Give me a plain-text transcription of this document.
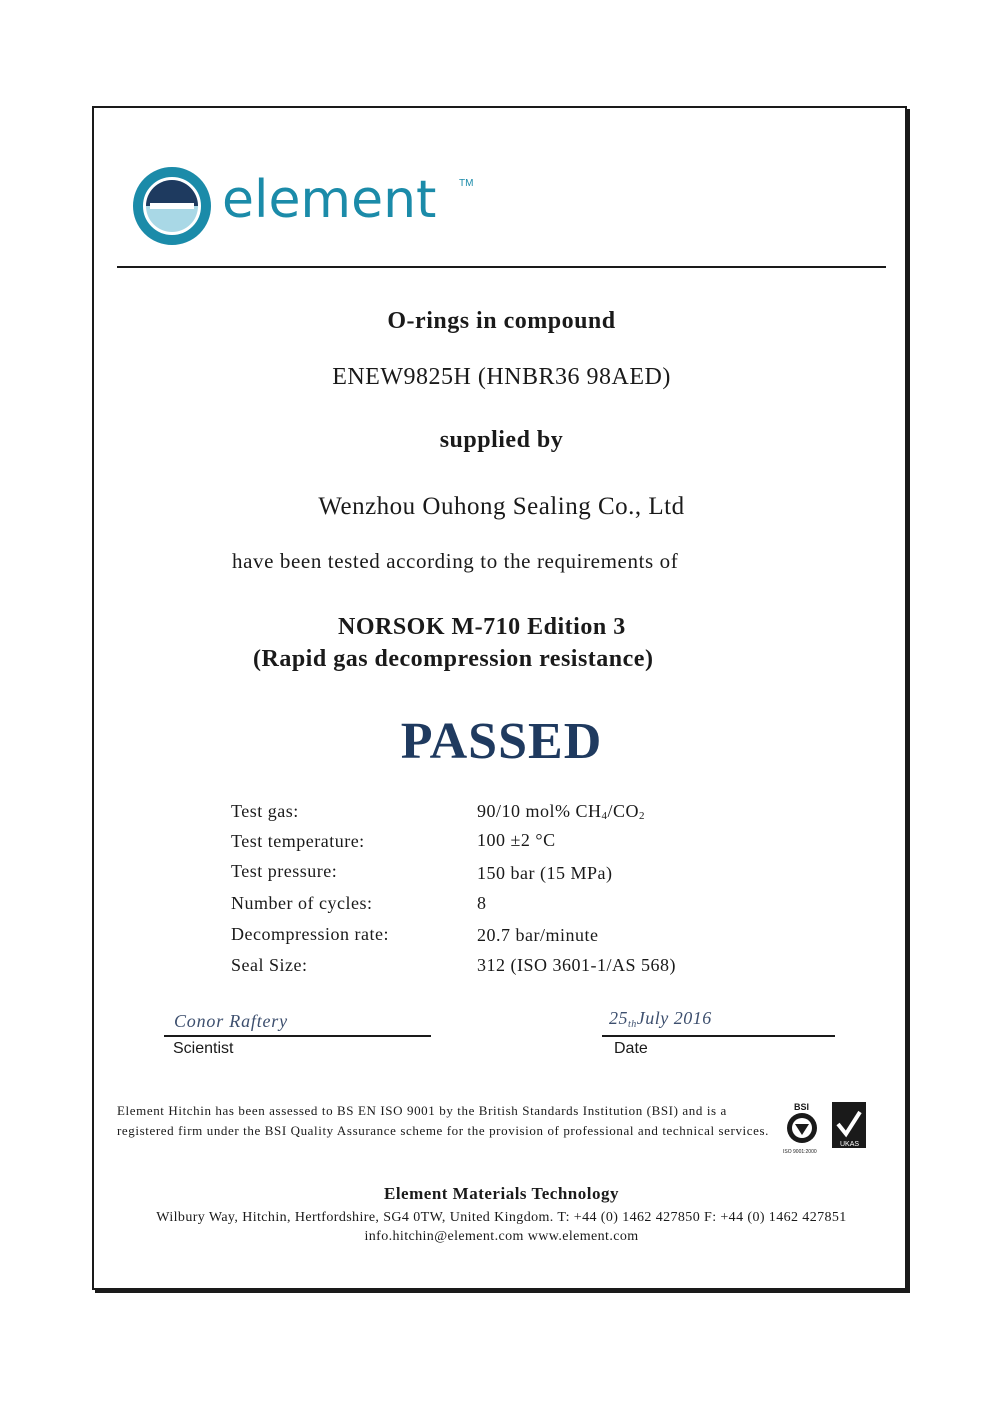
element TM
O-rings in compound
ENEW9825H (HNBR36 98AED)
supplied by
Wenzhou Ouhong Sealing Co., Ltd
have been tested according to the requirements of
NORSOK M-710 Edition 3
(Rapid gas decompression resistance)
PASSED
Test gas:	90/10 mol% CH4/CO2
Test temperature:	100 ±2 °C
Test pressure:	150 bar (15 MPa)
Number of cycles:	8
Decompression rate:	20.7 bar/minute
Seal Size:	312 (ISO 3601-1/AS 568)
Conor Raftery
Scientist
$25_{th}July$ 2016
Date
Element Hitchin has been assessed to BS EN ISO 9001 by the British Standards Institution (BSI) and is a registered firm under the BSI Quality Assurance scheme for the provision of professional and technical services.
BSI
ISO 9001:2000
UKAS
Element Materials Technology
Wilbury Way, Hitchin, Hertfordshire, SG4 0TW, United Kingdom. T: +44 (0) 1462 427850 F: +44 (0) 1462 427851
info.hitchin@element.com www.element.com
